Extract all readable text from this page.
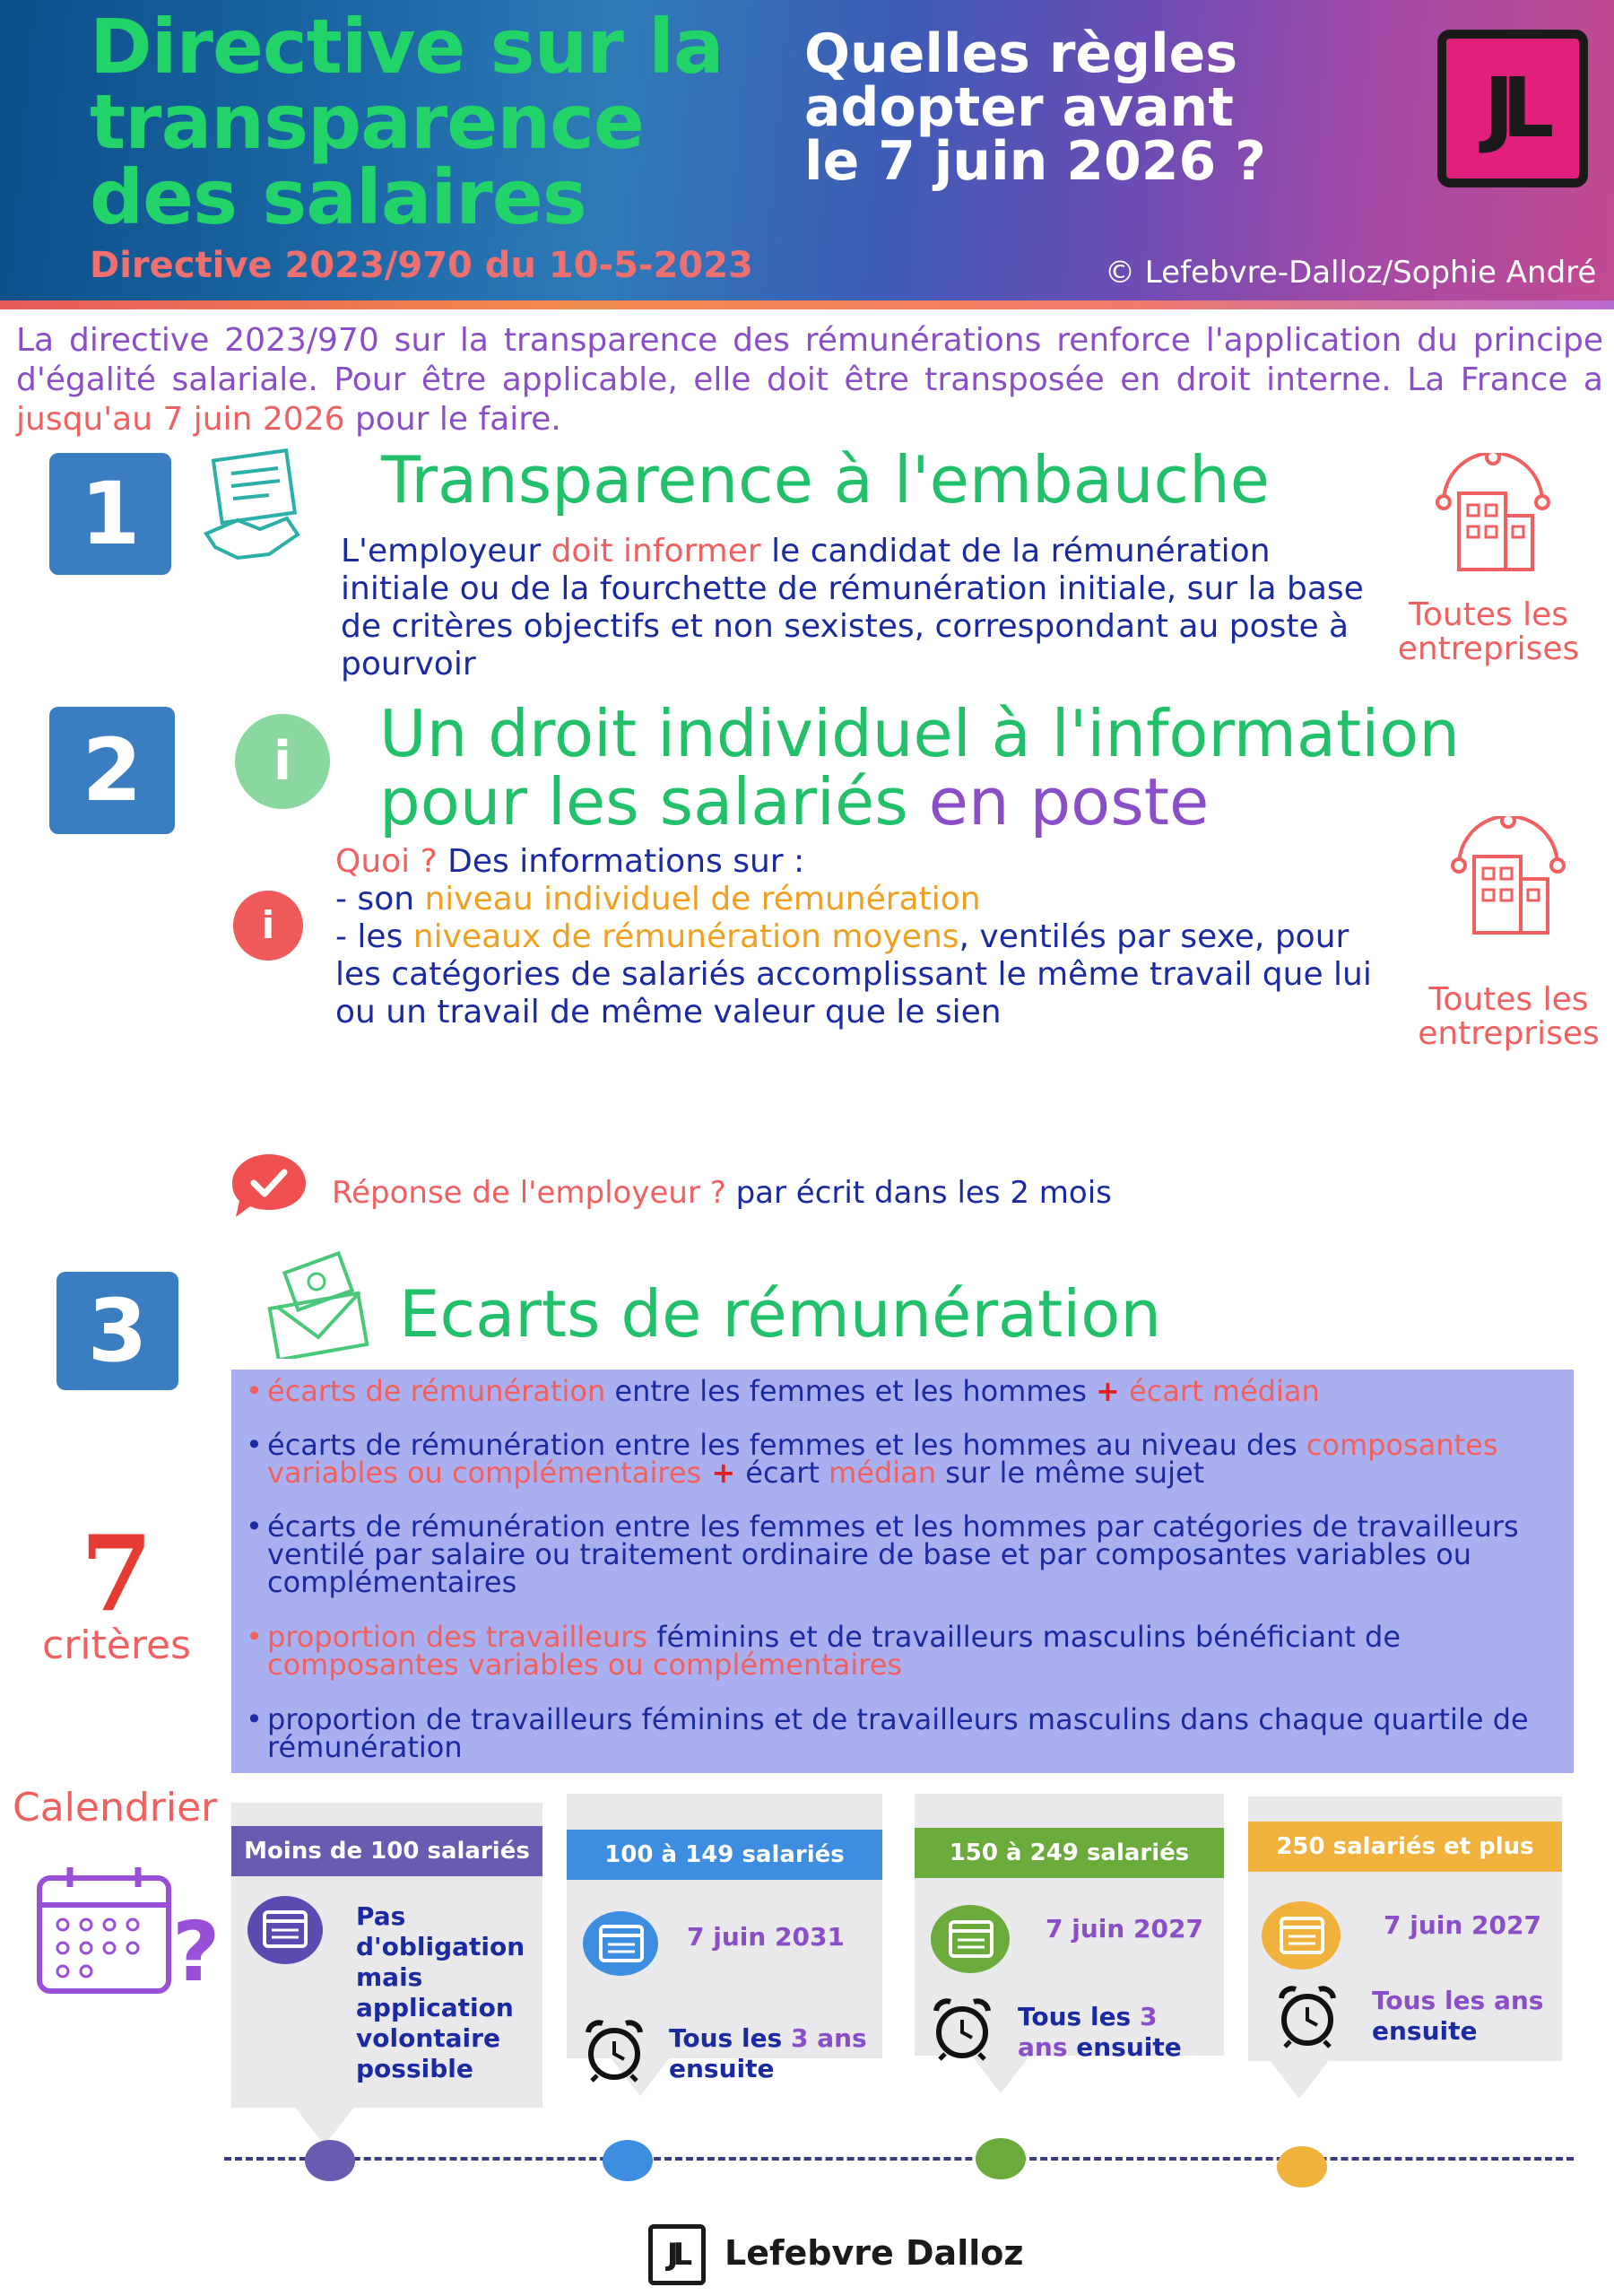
Directive sur la
transparence
des salaires
Directive 2023/970 du 10-5-2023
Quelles règles
adopter avant
le 7 juin 2026 ?
© Lefebvre-Dalloz/Sophie André
JL
La directive 2023/970 sur la transparence des rémunérations renforce l'application du principe d'égalité salariale. Pour être applicable, elle doit être transposée en droit interne. La France a jusqu'au 7 juin 2026 pour le faire.
1	Transparence à l'embauche
L'employeur doit informer le candidat de la rémunération initiale ou de la fourchette de rémunération initiale, sur la base de critères objectifs et non sexistes, correspondant au poste à pourvoir
Toutes les
entreprises
2	i	Un droit individuel à l'information
pour les salariés en poste
i
Quoi ? Des informations sur :
- son niveau individuel de rémunération
- les niveaux de rémunération moyens, ventilés par sexe, pour les catégories de salariés accomplissant le même travail que lui ou un travail de même valeur que le sien	Toutes les
entreprises
Réponse de l'employeur ? par écrit dans les 2 mois
3	Ecarts de rémunération
7
critères
• écarts de rémunération entre les femmes et les hommes + écart médian
• écarts de rémunération entre les femmes et les hommes au niveau des composantes variables ou complémentaires + écart médian sur le même sujet
• écarts de rémunération entre les femmes et les hommes par catégories de travailleurs ventilé par salaire ou traitement ordinaire de base et par composantes variables ou complémentaires
• proportion des travailleurs féminins et de travailleurs masculins bénéficiant de composantes variables ou complémentaires
• proportion de travailleurs féminins et de travailleurs masculins dans chaque quartile de rémunération
Calendrier
?
Moins de 100 salariés
Pas d'obligation mais application volontaire possible
100 à 149 salariés
7 juin 2031
Tous les 3 ans ensuite
150 à 249 salariés
7 juin 2027
Tous les 3 ans ensuite
250 salariés et plus
7 juin 2027
Tous les ans ensuite
JL	Lefebvre Dalloz
